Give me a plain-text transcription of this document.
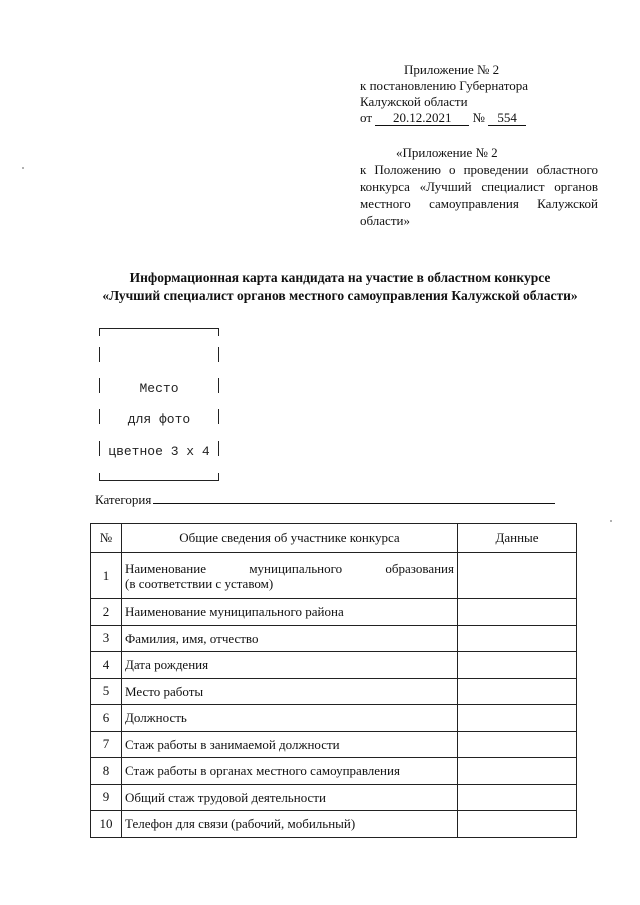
Приложение № 2
к постановлению Губернатора
Калужской области
от 20.12.2021 № 554
«Приложение № 2
к Положению о проведении областного
конкурса «Лучший специалист органов
местного самоуправления Калужской
области»
Информационная карта кандидата на участие в областном конкурсе
«Лучший специалист органов местного самоуправления Калужской области»
Место
для фото
цветное 3 х 4
Категория
№	Общие сведения об участнике конкурса	Данные
1	Наименование муниципального образования
(в соответствии с уставом)	
2	Наименование муниципального района	
3	Фамилия, имя, отчество	
4	Дата рождения	
5	Место работы	
6	Должность	
7	Стаж работы в занимаемой должности	
8	Стаж работы в органах местного самоуправления	
9	Общий стаж трудовой деятельности	
10	Телефон для связи (рабочий, мобильный)	
